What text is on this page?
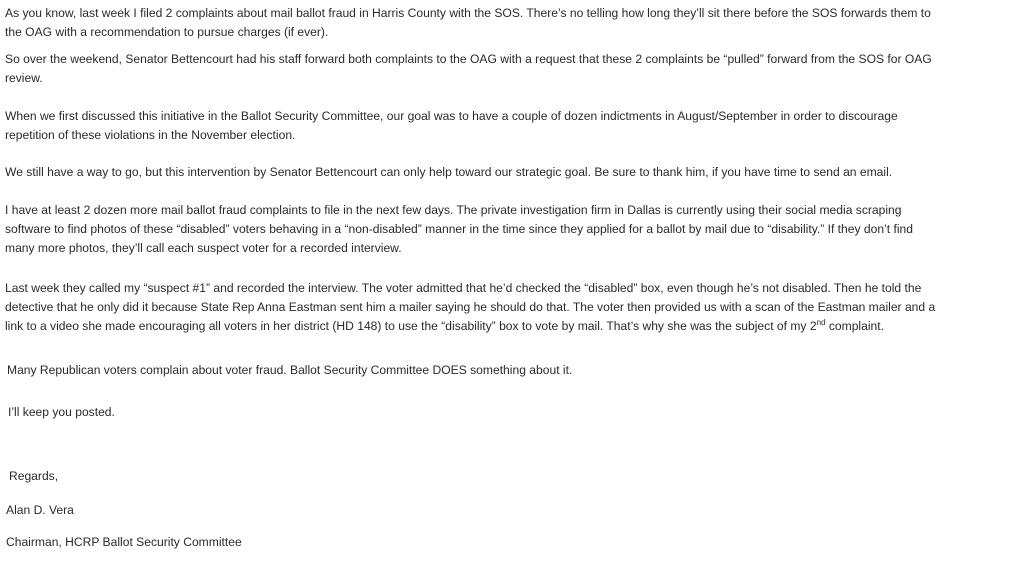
As you know, last week I filed 2 complaints about mail ballot fraud in Harris County with the SOS. There’s no telling how long they’ll sit there before the SOS forwards them to
the OAG with a recommendation to pursue charges (if ever).
So over the weekend, Senator Bettencourt had his staff forward both complaints to the OAG with a request that these 2 complaints be “pulled” forward from the SOS for OAG
review.
When we first discussed this initiative in the Ballot Security Committee, our goal was to have a couple of dozen indictments in August/September in order to discourage
repetition of these violations in the November election.
We still have a way to go, but this intervention by Senator Bettencourt can only help toward our strategic goal. Be sure to thank him, if you have time to send an email.
I have at least 2 dozen more mail ballot fraud complaints to file in the next few days. The private investigation firm in Dallas is currently using their social media scraping
software to find photos of these “disabled” voters behaving in a “non-disabled” manner in the time since they applied for a ballot by mail due to “disability.” If they don’t find
many more photos, they’ll call each suspect voter for a recorded interview.
Last week they called my “suspect #1” and recorded the interview. The voter admitted that he’d checked the “disabled” box, even though he’s not disabled. Then he told the
detective that he only did it because State Rep Anna Eastman sent him a mailer saying he should do that. The voter then provided us with a scan of the Eastman mailer and a
link to a video she made encouraging all voters in her district (HD 148) to use the “disability” box to vote by mail. That’s why she was the subject of my 2nd complaint.
Many Republican voters complain about voter fraud. Ballot Security Committee DOES something about it.
I’ll keep you posted.
Regards,
Alan D. Vera
Chairman, HCRP Ballot Security Committee
